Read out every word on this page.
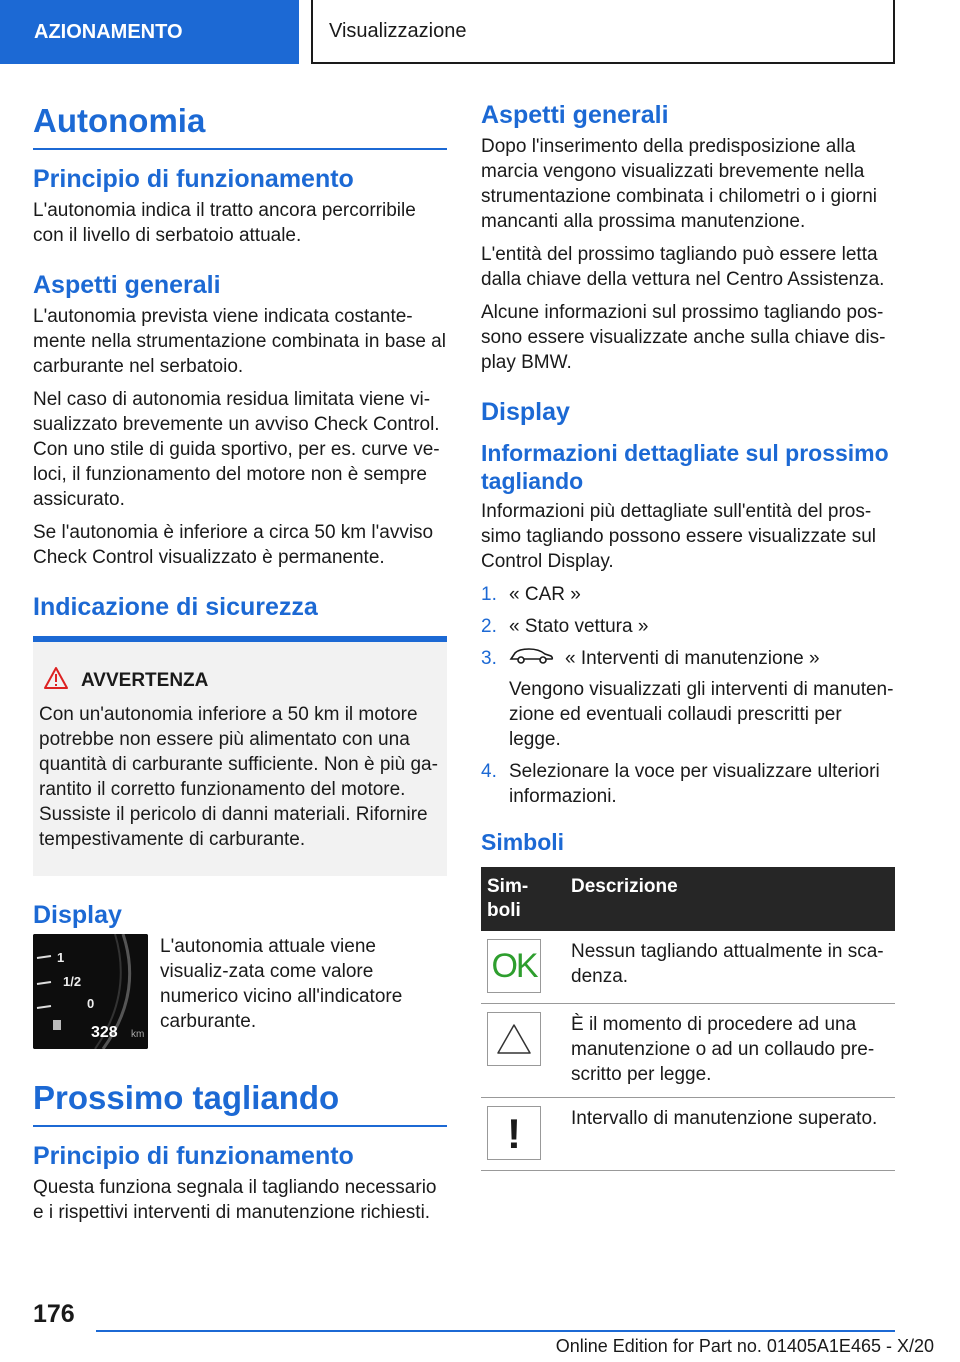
AZIONAMENTO	Visualizzazione
Autonomia
Principio di funzionamento

L'autonomia indica il tratto ancora percorribile con il livello di serbatoio attuale.

Aspetti generali

L'autonomia prevista viene indicata costante-mente nella strumentazione combinata in base al carburante nel serbatoio.

Nel caso di autonomia residua limitata viene vi-sualizzato brevemente un avviso Check Control. Con uno stile di guida sportivo, per es. curve ve-loci, il funzionamento del motore non è sempre assicurato.

Se l'autonomia è inferiore a circa 50 km l'avviso Check Control visualizzato è permanente.

Indicazione di sicurezza
AVVERTENZA

Con un'autonomia inferiore a 50 km il motore potrebbe non essere più alimentato con una quantità di carburante sufficiente. Non è più ga-rantito il corretto funzionamento del motore. Sussiste il pericolo di danni materiali. Rifornire tempestivamente di carburante.

Display
1
1/2
0
328 km

L'autonomia attuale viene visualiz-zata come valore numerico vicino all'indicatore carburante.

Prossimo tagliando
Principio di funzionamento

Questa funziona segnala il tagliando necessario e i rispettivi interventi di manutenzione richiesti.

Aspetti generali

Dopo l'inserimento della predisposizione alla marcia vengono visualizzati brevemente nella strumentazione combinata i chilometri o i giorni mancanti alla prossima manutenzione.

L'entità del prossimo tagliando può essere letta dalla chiave della vettura nel Centro Assistenza.

Alcune informazioni sul prossimo tagliando pos-sono essere visualizzate anche sulla chiave dis-play BMW.

Display
Informazioni dettagliate sul prossimo tagliando

Informazioni più dettagliate sull'entità del pros-simo tagliando possono essere visualizzate sul Control Display.

1. « CAR »
2. « Stato vettura »
3.	« Interventi di manutenzione »
Vengono visualizzati gli interventi di manuten-zione ed eventuali collaudi prescritti per legge.
4. Selezionare la voce per visualizzare ulteriori informazioni.
Simboli
Sim-boli	Descrizione

OK	Nessun tagliando attualmente in sca-denza.

	È il momento di procedere ad una manutenzione o ad un collaudo pre-scritto per legge.

!	Intervallo di manutenzione superato.
176
Online Edition for Part no. 01405A1E465 - X/20
